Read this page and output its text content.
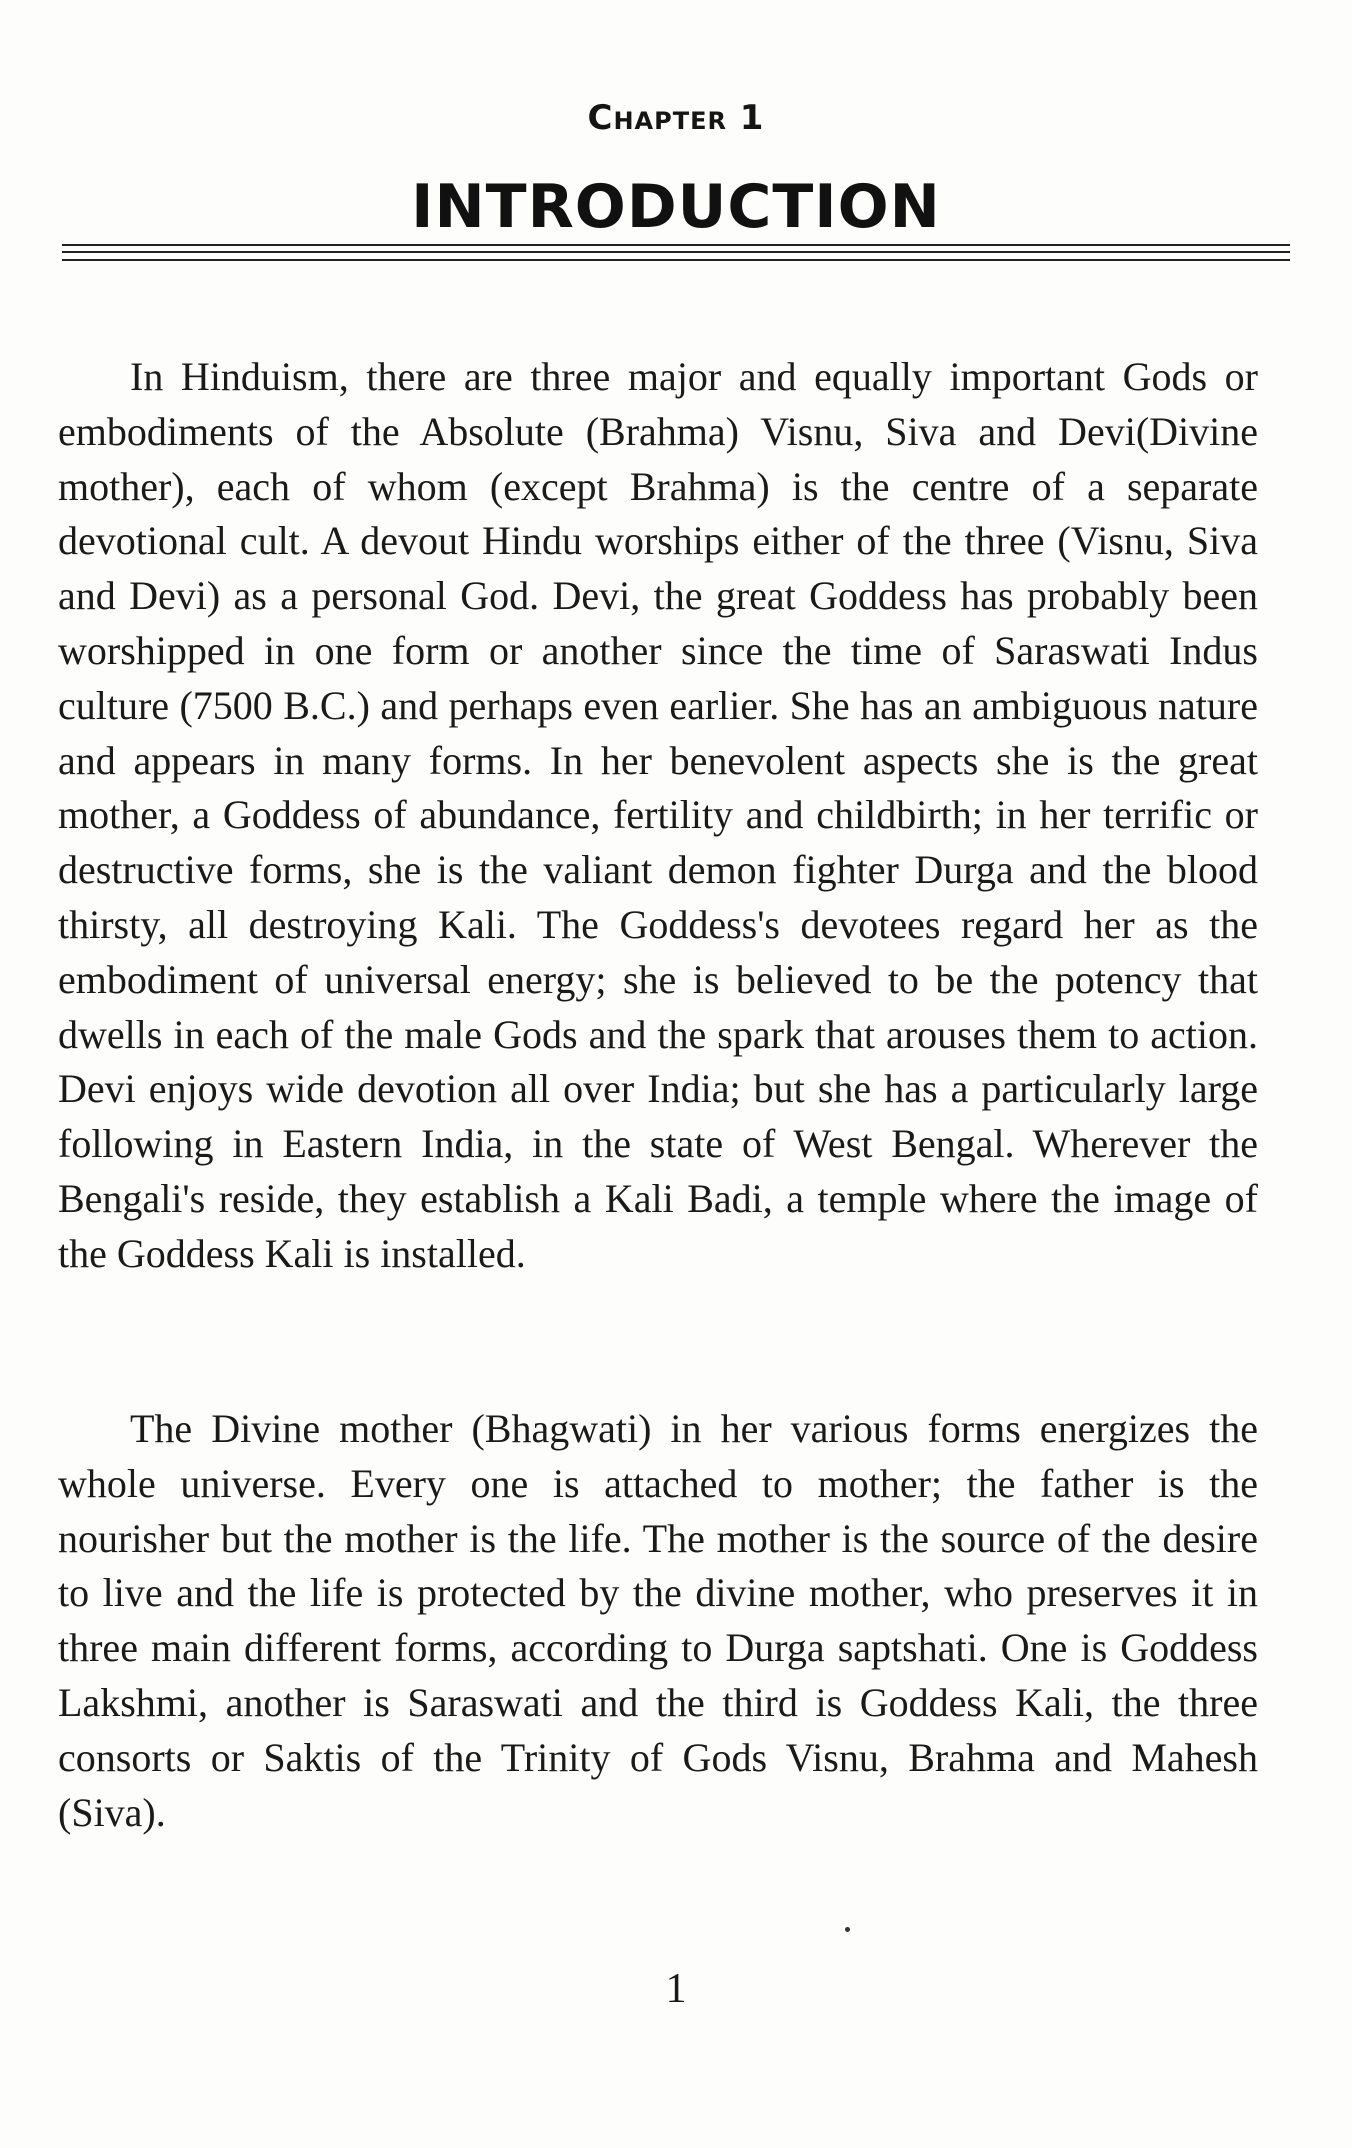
Chapter 1
INTRODUCTION

In Hinduism, there are three major and equally important Gods or embodiments of the Absolute (Brahma) Visnu, Siva and Devi(Divine mother), each of whom (except Brahma) is the centre of a separate devotional cult. A devout Hindu worships either of the three (Visnu, Siva and Devi) as a personal God. Devi, the great Goddess has probably been worshipped in one form or another since the time of Saraswati Indus culture (7500 B.C.) and perhaps even earlier. She has an ambiguous nature and appears in many forms. In her benevolent aspects she is the great mother, a Goddess of abundance, fertility and childbirth; in her terrific or destructive forms, she is the valiant demon fighter Durga and the blood thirsty, all destroying Kali. The Goddess's devotees regard her as the embodiment of universal energy; she is believed to be the potency that dwells in each of the male Gods and the spark that arouses them to action. Devi enjoys wide devotion all over India; but she has a particularly large following in Eastern India, in the state of West Bengal. Wherever the Bengali's reside, they establish a Kali Badi, a temple where the image of the Goddess Kali is installed.

The Divine mother (Bhagwati) in her various forms energizes the whole universe. Every one is attached to mother; the father is the nourisher but the mother is the life. The mother is the source of the desire to live and the life is protected by the divine mother, who preserves it in three main different forms, according to Durga saptshati. One is Goddess Lakshmi, another is Saraswati and the third is Goddess Kali, the three consorts or Saktis of the Trinity of Gods Visnu, Brahma and Mahesh (Siva).

1
